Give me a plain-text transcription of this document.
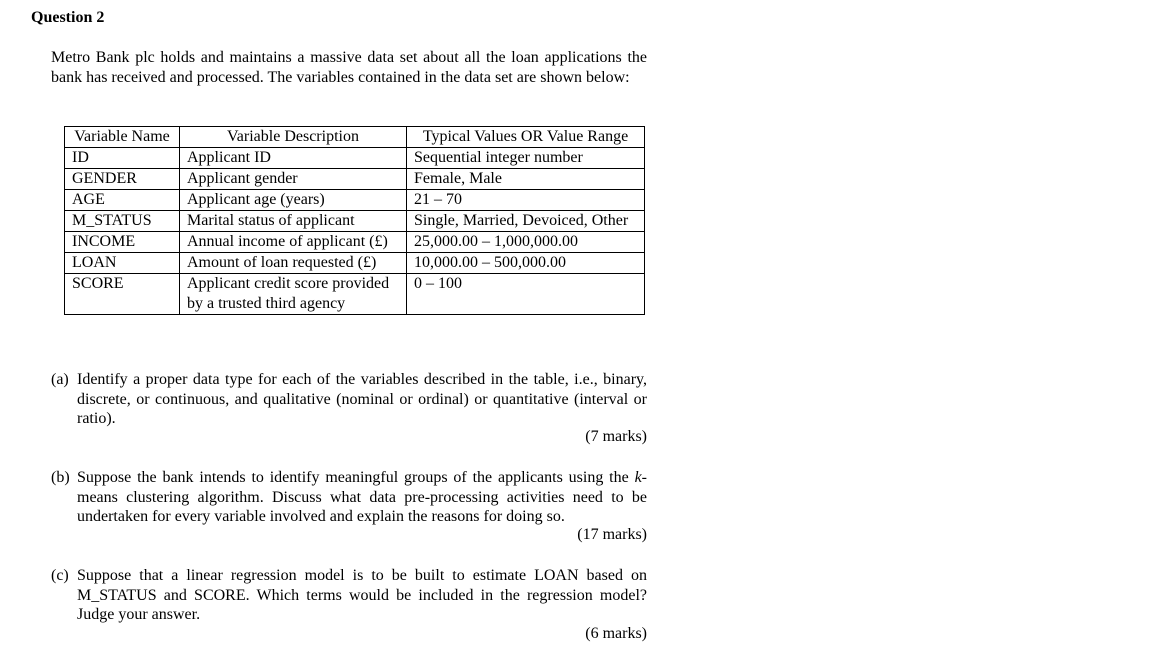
Question 2
Metro Bank plc holds and maintains a massive data set about all the loan applications the bank has received and processed. The variables contained in the data set are shown below:
Variable Name	Variable Description	Typical Values OR Value Range
ID	Applicant ID	Sequential integer number
GENDER	Applicant gender	Female, Male
AGE	Applicant age (years)	21 – 70
M_STATUS	Marital status of applicant	Single, Married, Devoiced, Other
INCOME	Annual income of applicant (£)	25,000.00 – 1,000,000.00
LOAN	Amount of loan requested (£)	10,000.00 – 500,000.00
SCORE	Applicant credit score provided by a trusted third agency	0 – 100
(a) Identify a proper data type for each of the variables described in the table, i.e., binary, discrete, or continuous, and qualitative (nominal or ordinal) or quantitative (interval or ratio).
(7 marks)
(b) Suppose the bank intends to identify meaningful groups of the applicants using the k-means clustering algorithm. Discuss what data pre-processing activities need to be undertaken for every variable involved and explain the reasons for doing so.
(17 marks)
(c) Suppose that a linear regression model is to be built to estimate LOAN based on M_STATUS and SCORE. Which terms would be included in the regression model? Judge your answer.
(6 marks)
